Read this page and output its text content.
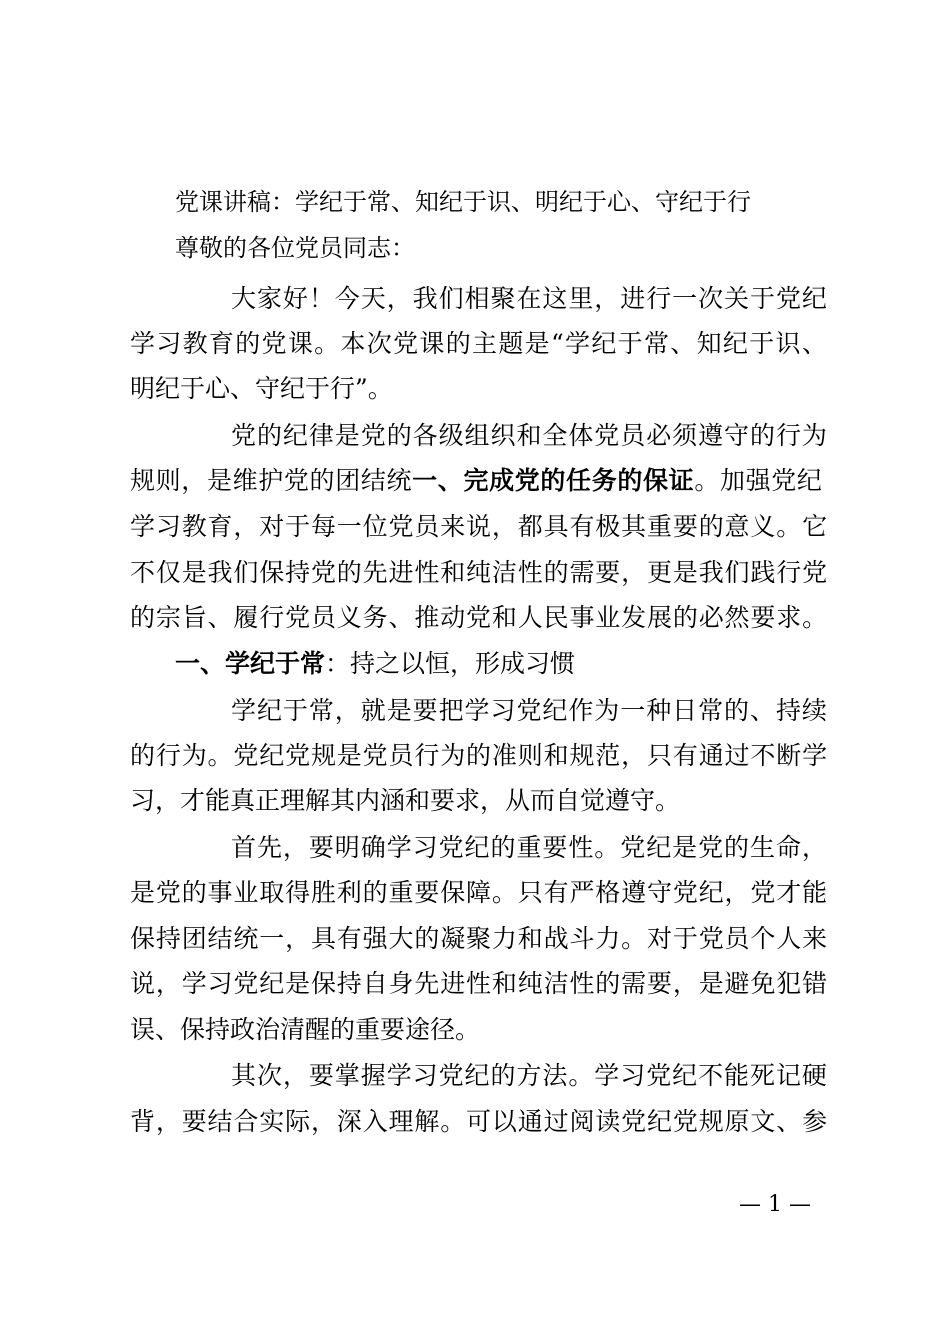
党课讲稿：学纪于常、知纪于识、明纪于心、守纪于行
尊敬的各位党员同志：
大家好！今天，我们相聚在这里，进行一次关于党纪
学习教育的党课。本次党课的主题是“学纪于常、知纪于识、
明纪于心、守纪于行”。
党的纪律是党的各级组织和全体党员必须遵守的行为
规则，是维护党的团结统一、完成党的任务的保证。加强党纪
学习教育，对于每一位党员来说，都具有极其重要的意义。它
不仅是我们保持党的先进性和纯洁性的需要，更是我们践行党
的宗旨、履行党员义务、推动党和人民事业发展的必然要求。
一、学纪于常：持之以恒，形成习惯
学纪于常，就是要把学习党纪作为一种日常的、持续
的行为。党纪党规是党员行为的准则和规范，只有通过不断学
习，才能真正理解其内涵和要求，从而自觉遵守。
首先，要明确学习党纪的重要性。党纪是党的生命，
是党的事业取得胜利的重要保障。只有严格遵守党纪，党才能
保持团结统一，具有强大的凝聚力和战斗力。对于党员个人来
说，学习党纪是保持自身先进性和纯洁性的需要，是避免犯错
误、保持政治清醒的重要途径。
其次，要掌握学习党纪的方法。学习党纪不能死记硬
背，要结合实际，深入理解。可以通过阅读党纪党规原文、参
— 1 —
